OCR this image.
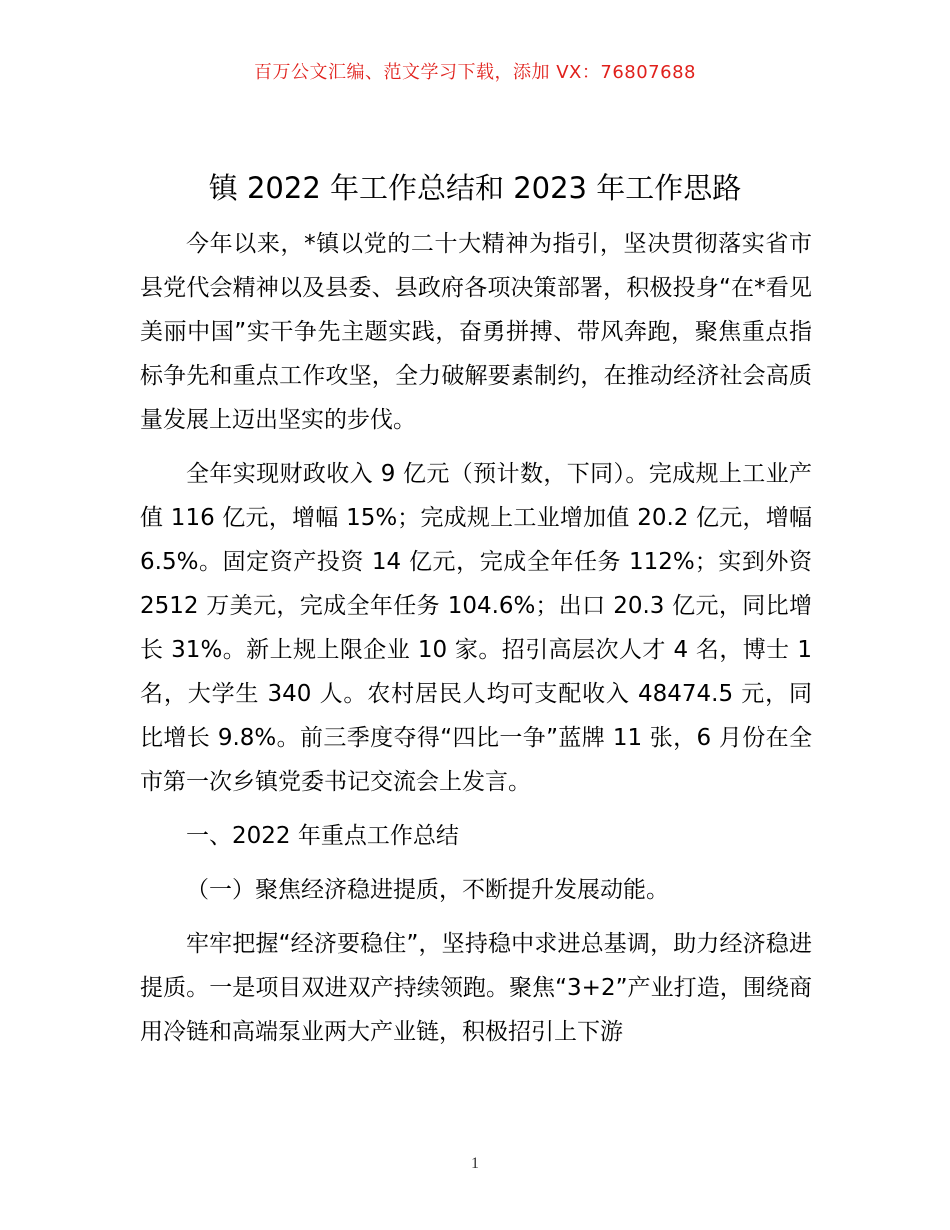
百万公文汇编、范文学习下载，添加 VX：76807688
镇 2022 年工作总结和 2023 年工作思路

今年以来，*镇以党的二十大精神为指引，坚决贯彻落实省市县党代会精神以及县委、县政府各项决策部署，积极投身“在*看见美丽中国”实干争先主题实践，奋勇拼搏、带风奔跑，聚焦重点指标争先和重点工作攻坚，全力破解要素制约，在推动经济社会高质量发展上迈出坚实的步伐。

全年实现财政收入 9 亿元（预计数，下同）。完成规上工业产值 116 亿元，增幅 15%；完成规上工业增加值 20.2 亿元，增幅 6.5%。固定资产投资 14 亿元，完成全年任务 112%；实到外资 2512 万美元，完成全年任务 104.6%；出口 20.3 亿元，同比增长 31%。新上规上限企业 10 家。招引高层次人才 4 名，博士 1 名，大学生 340 人。农村居民人均可支配收入 48474.5 元，同比增长 9.8%。前三季度夺得“四比一争”蓝牌 11 张，6 月份在全市第一次乡镇党委书记交流会上发言。

一、2022 年重点工作总结

（一）聚焦经济稳进提质，不断提升发展动能。

牢牢把握“经济要稳住”，坚持稳中求进总基调，助力经济稳进提质。一是项目双进双产持续领跑。聚焦“3+2”产业打造，围绕商用冷链和高端泵业两大产业链，积极招引上下游

1
